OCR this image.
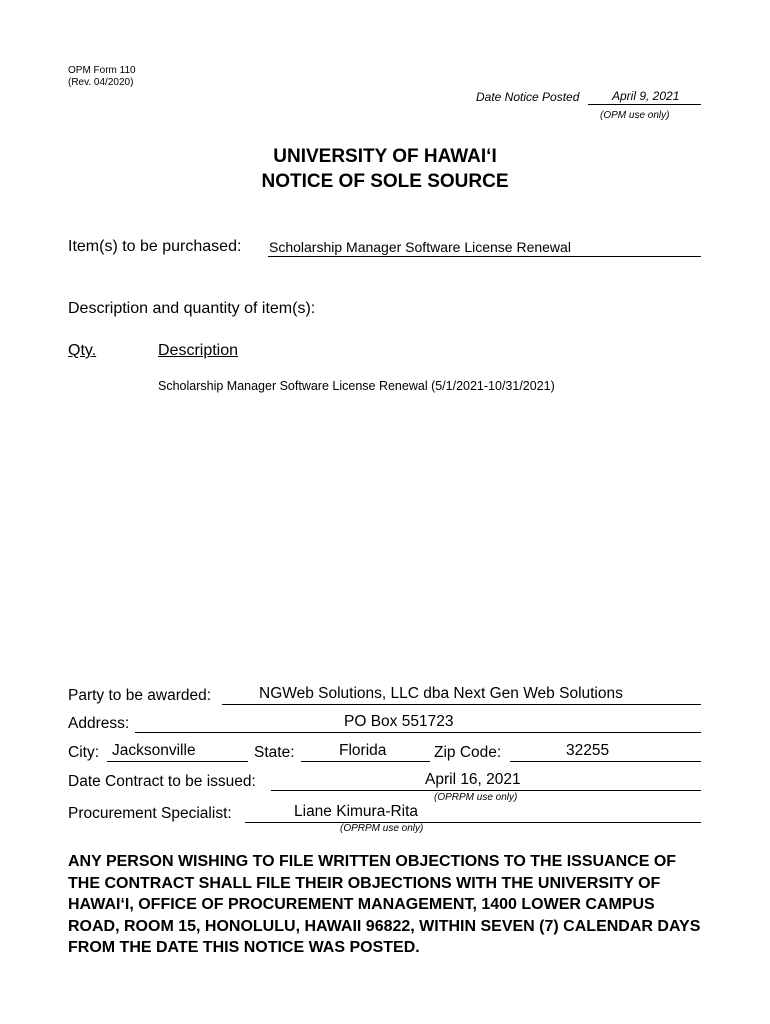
OPM Form 110
(Rev. 04/2020)
Date Notice Posted	April 9, 2021
(OPM use only)
UNIVERSITY OF HAWAI‘I
NOTICE OF SOLE SOURCE
Item(s) to be purchased: Scholarship Manager Software License Renewal
Description and quantity of item(s):
Qty.	Description
Scholarship Manager Software License Renewal (5/1/2021-10/31/2021)
Party to be awarded:	NGWeb Solutions, LLC dba Next Gen Web Solutions
Address:	PO Box 551723
City: Jacksonville	State:	Florida	Zip Code:	32255
Date Contract to be issued:	April 16, 2021
(OPRPM use only)
Procurement Specialist:	Liane Kimura-Rita
(OPRPM use only)
ANY PERSON WISHING TO FILE WRITTEN OBJECTIONS TO THE ISSUANCE OF THE CONTRACT SHALL FILE THEIR OBJECTIONS WITH THE UNIVERSITY OF HAWAI‘I, OFFICE OF PROCUREMENT MANAGEMENT, 1400 LOWER CAMPUS ROAD, ROOM 15, HONOLULU, HAWAII 96822, WITHIN SEVEN (7) CALENDAR DAYS FROM THE DATE THIS NOTICE WAS POSTED.
